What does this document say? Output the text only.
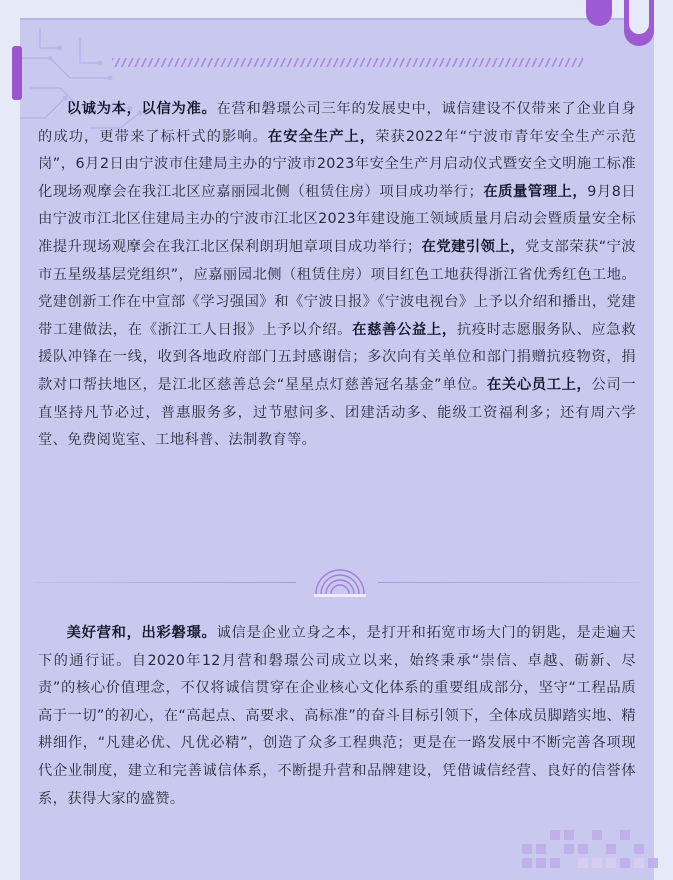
以诚为本，以信为准。在营和磐璟公司三年的发展史中，诚信建设不仅带来了企业自身的成功，更带来了标杆式的影响。在安全生产上，荣获2022年“宁波市青年安全生产示范岗”，6月2日由宁波市住建局主办的宁波市2023年安全生产月启动仪式暨安全文明施工标准化现场观摩会在我江北区应嘉丽园北侧（租赁住房）项目成功举行；在质量管理上，9月8日由宁波市江北区住建局主办的宁波市江北区2023年建设施工领域质量月启动会暨质量安全标准提升现场观摩会在我江北区保利朗玥旭章项目成功举行；在党建引领上，党支部荣获“宁波市五星级基层党组织”，应嘉丽园北侧（租赁住房）项目红色工地获得浙江省优秀红色工地。党建创新工作在中宣部《学习强国》和《宁波日报》《宁波电视台》上予以介绍和播出，党建带工建做法，在《浙江工人日报》上予以介绍。在慈善公益上，抗疫时志愿服务队、应急救援队冲锋在一线，收到各地政府部门五封感谢信；多次向有关单位和部门捐赠抗疫物资，捐款对口帮扶地区，是江北区慈善总会“星星点灯慈善冠名基金”单位。在关心员工上，公司一直坚持凡节必过，普惠服务多，过节慰问多、团建活动多、能级工资福利多；还有周六学堂、免费阅览室、工地科普、法制教育等。

美好营和，出彩磐璟。诚信是企业立身之本，是打开和拓宽市场大门的钥匙，是走遍天下的通行证。自2020年12月营和磐璟公司成立以来，始终秉承“崇信、卓越、砺新、尽责”的核心价值理念，不仅将诚信贯穿在企业核心文化体系的重要组成部分，坚守“工程品质高于一切”的初心，在“高起点、高要求、高标准”的奋斗目标引领下，全体成员脚踏实地、精耕细作，“凡建必优、凡优必精”，创造了众多工程典范；更是在一路发展中不断完善各项现代企业制度，建立和完善诚信体系，不断提升营和品牌建设，凭借诚信经营、良好的信誉体系，获得大家的盛赞。
